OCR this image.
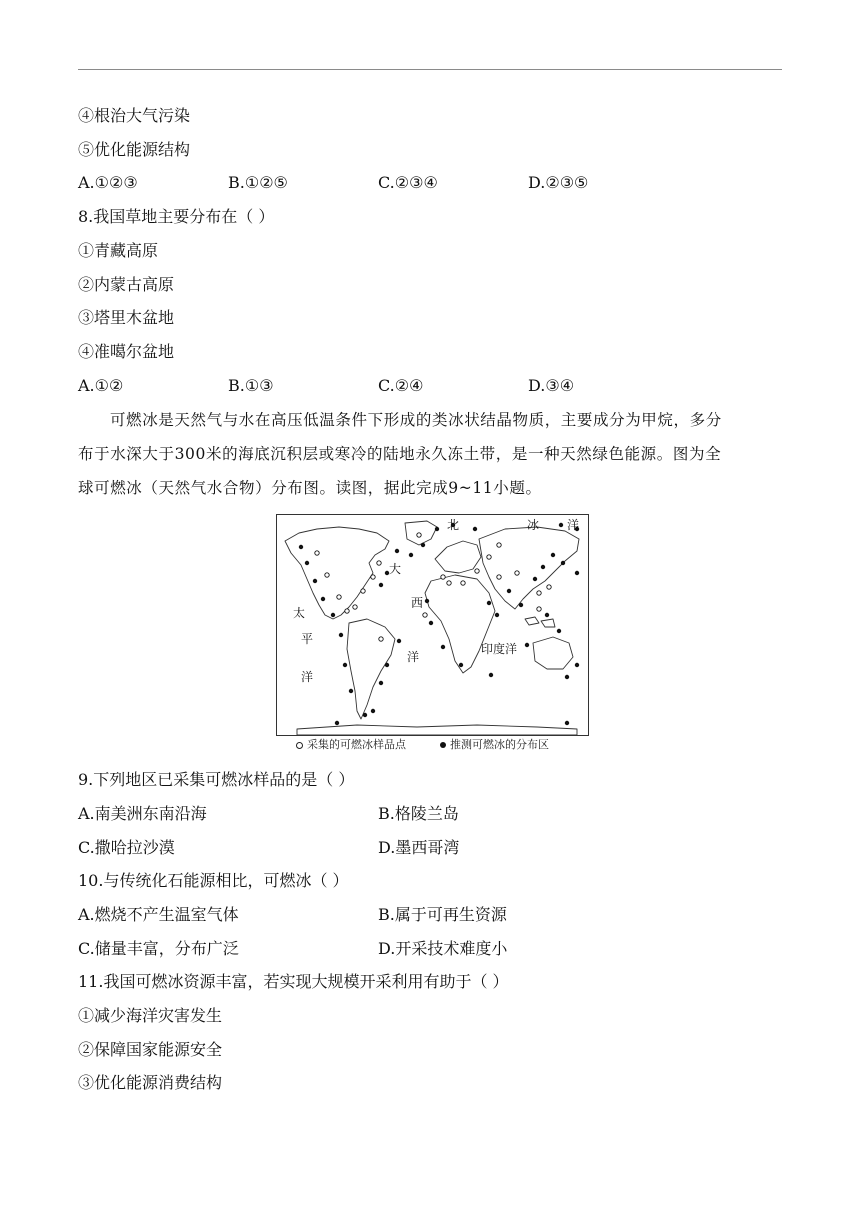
④根治大气污染
⑤优化能源结构
A.①②③	B.①②⑤	C.②③④	D.②③⑤
8.我国草地主要分布在（ ）
①青藏高原
②内蒙古高原
③塔里木盆地
④准噶尔盆地
A.①②	B.①③	C.②④	D.③④
可燃冰是天然气与水在高压低温条件下形成的类冰状结晶物质，主要成分为甲烷，多分
布于水深大于300米的海底沉积层或寒冷的陆地永久冻土带，是一种天然绿色能源。图为全
球可燃冰（天然气水合物）分布图。读图，据此完成9~11小题。
北	冰 洋
大
西
洋
太
平
洋
印度洋
采集的可燃冰样品点	推测可燃冰的分布区
9.下列地区已采集可燃冰样品的是（ ）
A.南美洲东南沿海	B.格陵兰岛
C.撒哈拉沙漠	D.墨西哥湾
10.与传统化石能源相比，可燃冰（ ）
A.燃烧不产生温室气体	B.属于可再生资源
C.储量丰富，分布广泛	D.开采技术难度小
11.我国可燃冰资源丰富，若实现大规模开采利用有助于（ ）
①减少海洋灾害发生
②保障国家能源安全
③优化能源消费结构
